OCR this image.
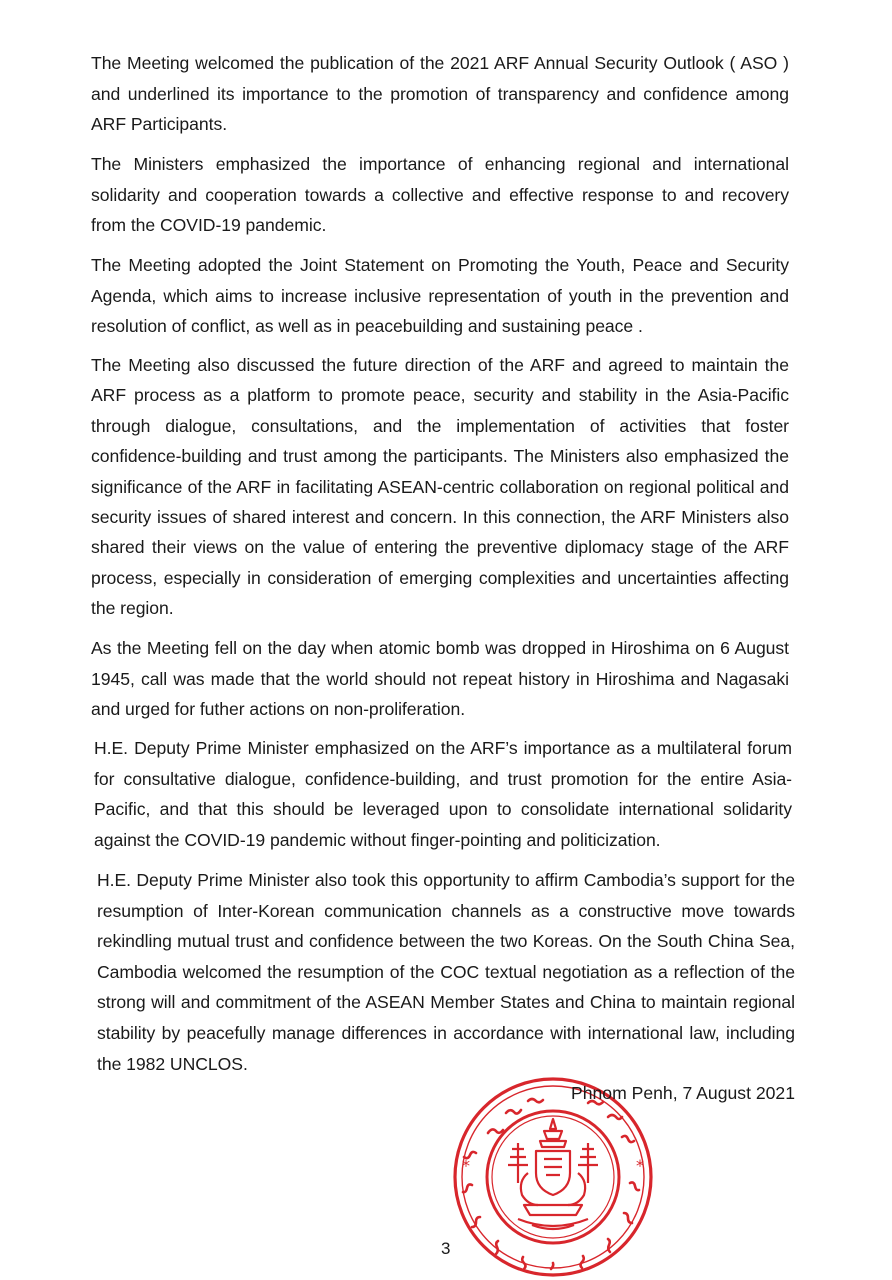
The Meeting welcomed the publication of the 2021 ARF Annual Security Outlook ( ASO ) and underlined its importance to the promotion of transparency and confidence among ARF Participants.

The Ministers emphasized the importance of enhancing regional and international solidarity and cooperation towards a collective and effective response to and recovery from the COVID-19 pandemic.

The Meeting adopted the Joint Statement on Promoting the Youth, Peace and Security Agenda, which aims to increase inclusive representation of youth in the prevention and resolution of conflict, as well as in peacebuilding and sustaining peace .

The Meeting also discussed the future direction of the ARF and agreed to maintain the ARF process as a platform to promote peace, security and stability in the Asia-Pacific through dialogue, consultations, and the implementation of activities that foster confidence-building and trust among the participants. The Ministers also emphasized the significance of the ARF in facilitating ASEAN-centric collaboration on regional political and security issues of shared interest and concern. In this connection, the ARF Ministers also shared their views on the value of entering the preventive diplomacy stage of the ARF process, especially in consideration of emerging complexities and uncertainties affecting the region.

As the Meeting fell on the day when atomic bomb was dropped in Hiroshima on 6 August 1945, call was made that the world should not repeat history in Hiroshima and Nagasaki and urged for futher actions on non-proliferation.

H.E. Deputy Prime Minister emphasized on the ARF’s importance as a multilateral forum for consultative dialogue, confidence-building, and trust promotion for the entire Asia-Pacific, and that this should be leveraged upon to consolidate international solidarity against the COVID-19 pandemic without finger-pointing and politicization.

H.E. Deputy Prime Minister also took this opportunity to affirm Cambodia’s support for the resumption of Inter-Korean communication channels as a constructive move towards rekindling mutual trust and confidence between the two Koreas. On the South China Sea, Cambodia welcomed the resumption of the COC textual negotiation as a reflection of the strong will and commitment of the ASEAN Member States and China to maintain regional stability by peacefully manage differences in accordance with international law, including the 1982 UNCLOS.

*	*
Phnom Penh, 7 August 2021
3
